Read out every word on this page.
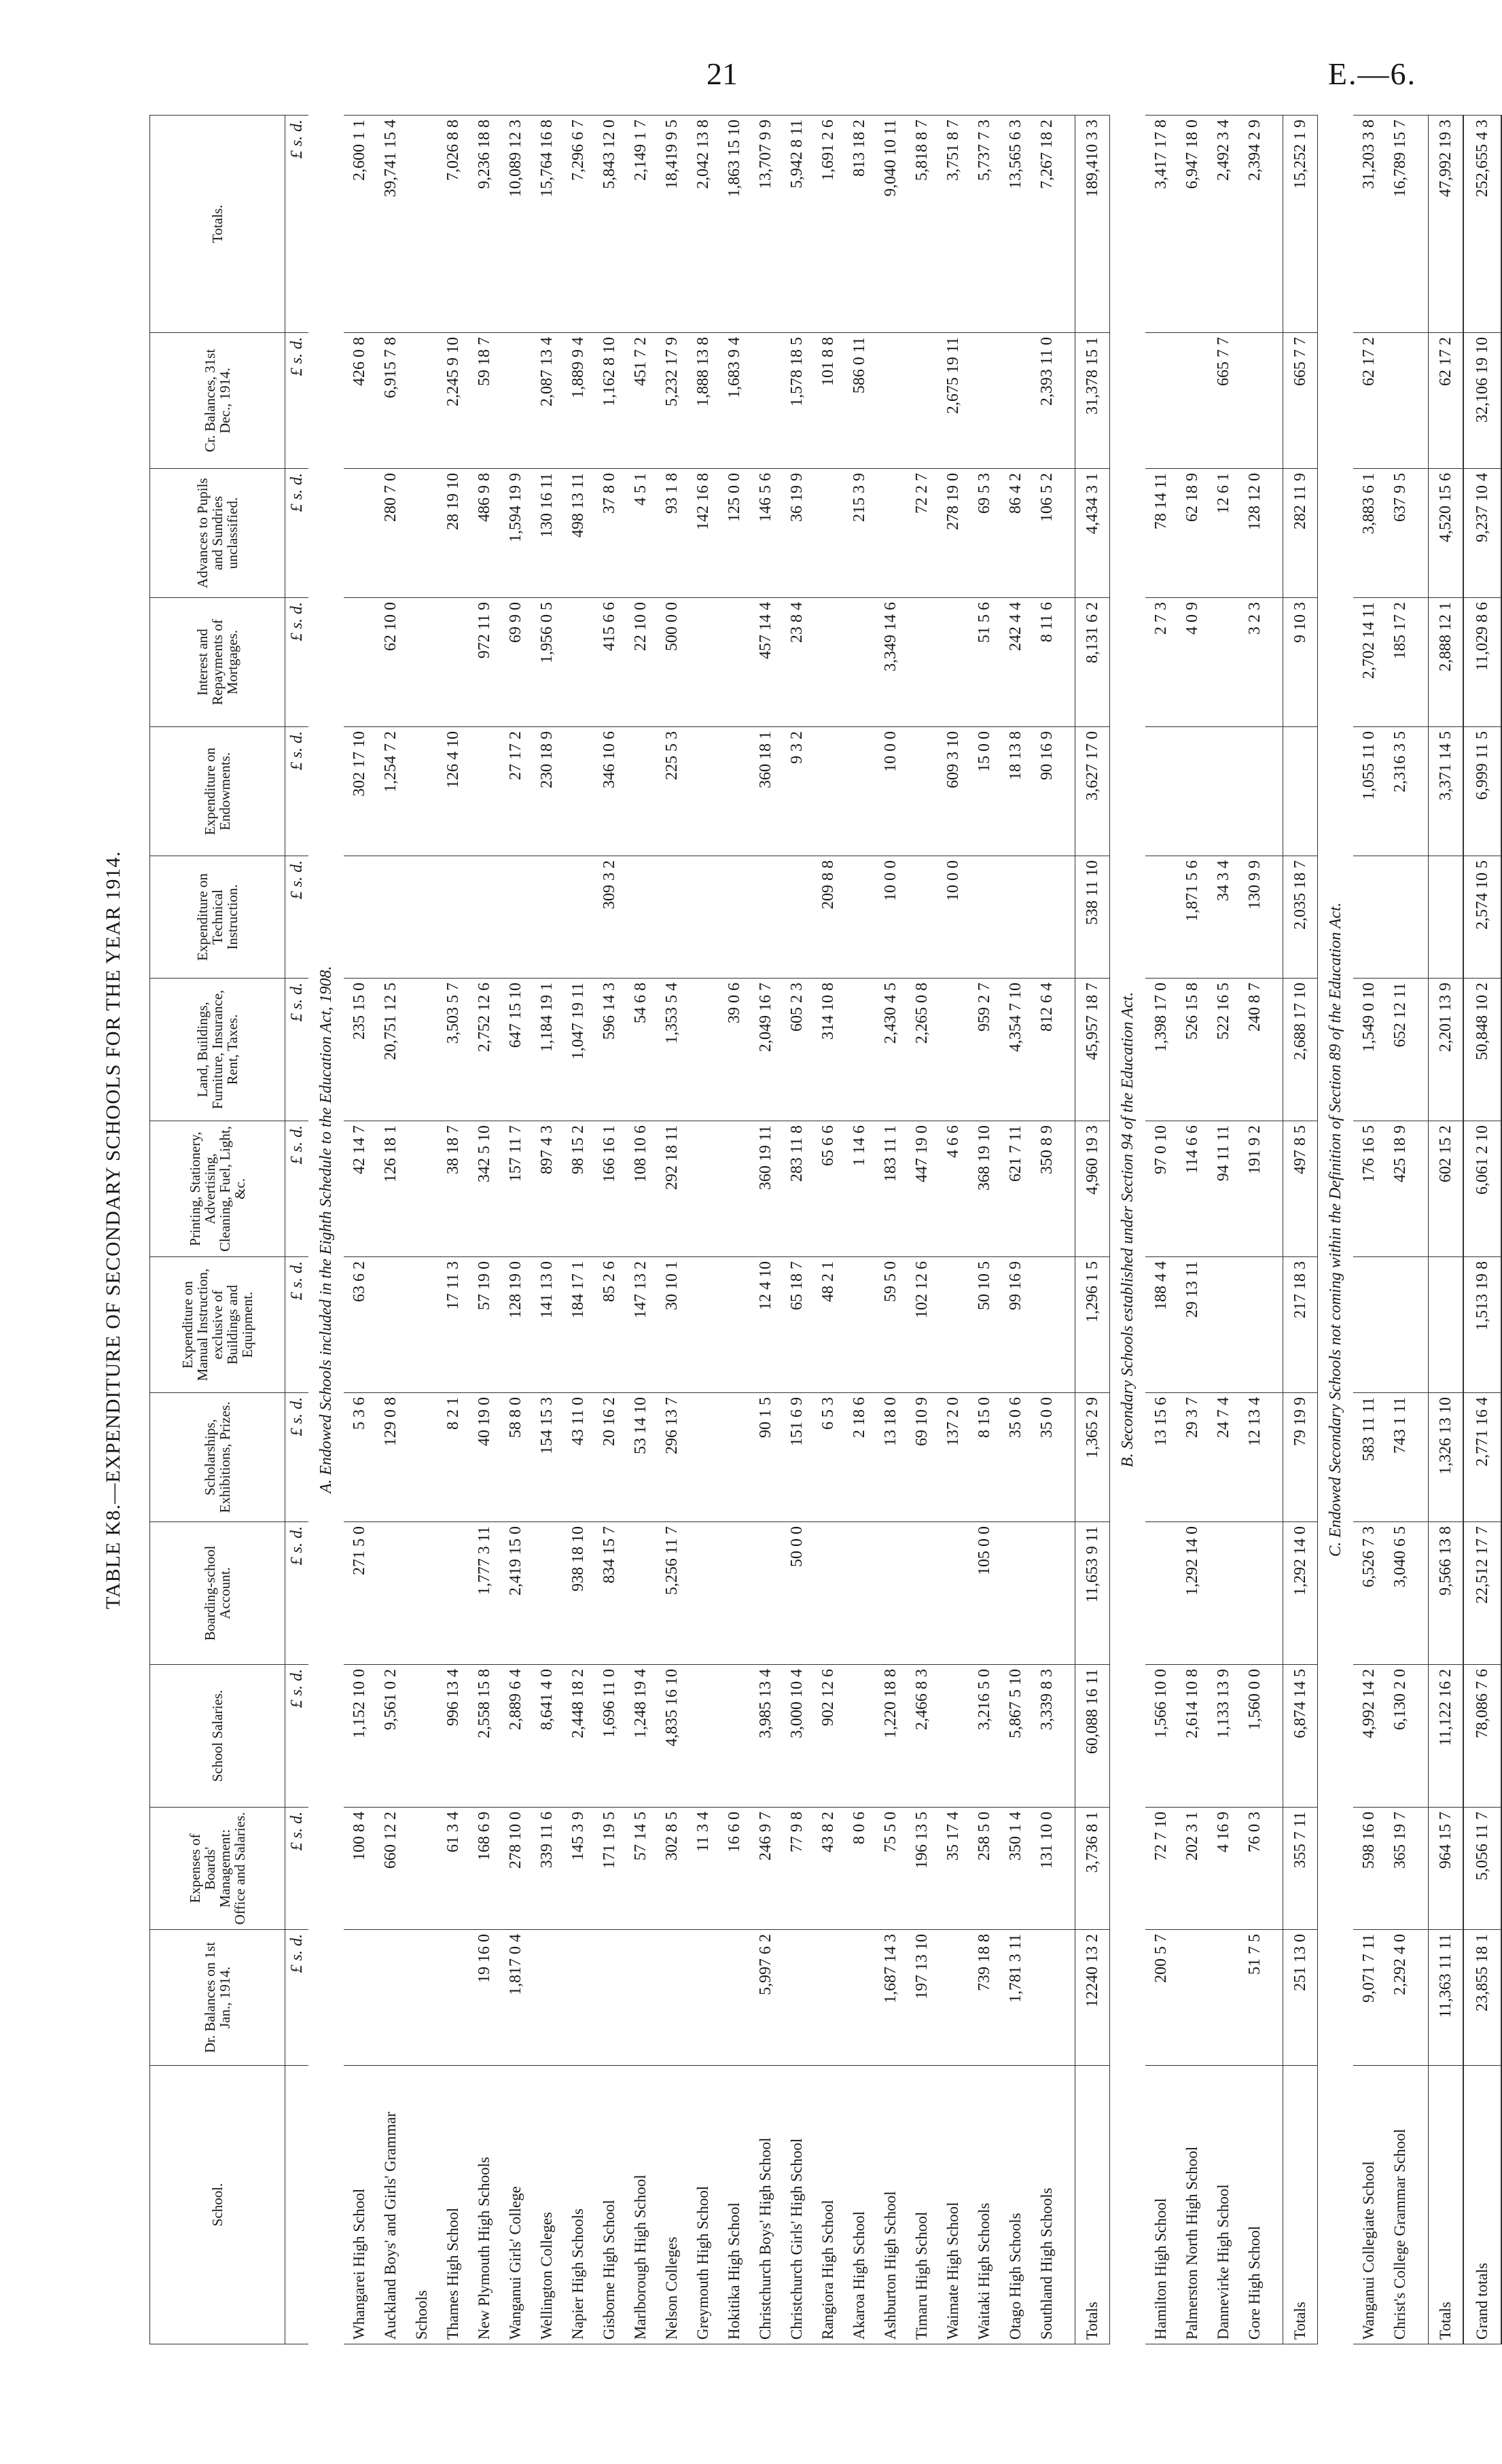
21	E.—6.
TABLE K8.—EXPENDITURE OF SECONDARY SCHOOLS FOR THE YEAR 1914.
School.	Dr. Balances on 1st Jan., 1914.	Expenses of Boards' Management: Office and Salaries.	School Salaries.	Boarding-school Account.	Scholarships, Exhibitions, Prizes.	Expenditure on Manual Instruction, exclusive of Buildings and Equipment.	Printing, Stationery, Advertising, Cleaning, Fuel, Light, &c.	Land, Buildings, Furniture, Insurance, Rent, Taxes.	Expenditure on Technical Instruction.	Expenditure on Endowments.	Interest and Repayments of Mortgages.	Advances to Pupils and Sundries unclassified.	Cr. Balances, 31st Dec., 1914.	Totals.
	£ s. d.	£ s. d.	£ s. d.	£ s. d.	£ s. d.	£ s. d.	£ s. d.	£ s. d.	£ s. d.	£ s. d.	£ s. d.	£ s. d.	£ s. d.	£ s. d.
A. Endowed Schools included in the Eighth Schedule to the Education Act, 1908.														
Whangarei High School		100 8 4	1,152 10 0	271 5 0	5 3 6	63 6 2	42 14 7	235 15 0		302 17 10			426 0 8	2,600 1 1
Auckland Boys' and Girls' Grammar		660 12 2	9,561 0 2		129 0 8		126 18 1	20,751 12 5		1,254 7 2	62 10 0	280 7 0	6,915 7 8	39,741 15 4
Schools														
Thames High School		61 3 4	996 13 4		8 2 1	17 11 3	38 18 7	3,503 5 7		126 4 10		28 19 10	2,245 9 10	7,026 8 8
New Plymouth High Schools	19 16 0	168 6 9	2,558 15 8	1,777 3 11	40 19 0	57 19 0	342 5 10	2,752 12 6			972 11 9	486 9 8	59 18 7	9,236 18 8
Wanganui Girls' College	1,817 0 4	278 10 0	2,889 6 4	2,419 15 0	58 8 0	128 19 0	157 11 7	647 15 10		27 17 2	69 9 0	1,594 19 9		10,089 12 3
Wellington Colleges		339 11 6	8,641 4 0		154 15 3	141 13 0	897 4 3	1,184 19 1		230 18 9	1,956 0 5	130 16 11	2,087 13 4	15,764 16 8
Napier High Schools		145 3 9	2,448 18 2	938 18 10	43 11 0	184 17 1	98 15 2	1,047 19 11				498 13 11	1,889 9 4	7,296 6 7
Gisborne High School		171 19 5	1,696 11 0	834 15 7	20 16 2	85 2 6	166 16 1	596 14 3	309 3 2	346 10 6	415 6 6	37 8 0	1,162 8 10	5,843 12 0
Marlborough High School		57 14 5	1,248 19 4		53 14 10	147 13 2	108 10 6	54 6 8			22 10 0	4 5 1	451 7 2	2,149 1 7
Nelson Colleges		302 8 5	4,835 16 10	5,256 11 7	296 13 7	30 10 1	292 18 11	1,353 5 4		225 5 3	500 0 0	93 1 8	5,232 17 9	18,419 9 5
Greymouth High School		11 3 4										142 16 8	1,888 13 8	2,042 13 8
Hokitika High School		16 6 0						39 0 6				125 0 0	1,683 9 4	1,863 15 10
Christchurch Boys' High School	5,997 6 2	246 9 7	3,985 13 4		90 1 5	12 4 10	360 19 11	2,049 16 7		360 18 1	457 14 4	146 5 6		13,707 9 9
Christchurch Girls' High School		77 9 8	3,000 10 4	50 0 0	151 6 9	65 18 7	283 11 8	605 2 3		9 3 2	23 8 4	36 19 9	1,578 18 5	5,942 8 11
Rangiora High School		43 8 2	902 12 6		6 5 3	48 2 1	65 6 6	314 10 8	209 8 8				101 8 8	1,691 2 6
Akaroa High School		8 0 6			2 18 6		1 14 6					215 3 9	586 0 11	813 18 2
Ashburton High School	1,687 14 3	75 5 0	1,220 18 8		13 18 0	59 5 0	183 11 1	2,430 4 5	10 0 0	10 0 0	3,349 14 6			9,040 10 11
Timaru High School	197 13 10	196 13 5	2,466 8 3		69 10 9	102 12 6	447 19 0	2,265 0 8				72 2 7		5,818 8 7
Waimate High School		35 17 4			137 2 0		4 6 6		10 0 0	609 3 10		278 19 0	2,675 19 11	3,751 8 7
Waitaki High Schools	739 18 8	258 5 0	3,216 5 0	105 0 0	8 15 0	50 10 5	368 19 10	959 2 7		15 0 0	51 5 6	69 5 3		5,737 7 3
Otago High Schools	1,781 3 11	350 1 4	5,867 5 10		35 0 6	99 16 9	621 7 11	4,354 7 10		18 13 8	242 4 4	86 4 2		13,565 6 3
Southland High Schools		131 10 0	3,339 8 3		35 0 0		350 8 9	812 6 4		90 16 9	8 11 6	106 5 2	2,393 11 0	7,267 18 2

Totals	12240 13 2	3,736 8 1	60,088 16 11	11,653 9 11	1,365 2 9	1,296 1 5	4,960 19 3	45,957 18 7	538 11 10	3,627 17 0	8,131 6 2	4,434 3 1	31,378 15 1	189,410 3 3
B. Secondary Schools established under Section 94 of the Education Act.														
Hamilton High School	200 5 7	72 7 10	1,566 10 0		13 15 6	188 4 4	97 0 10	1,398 17 0			2 7 3	78 14 11		3,417 17 8
Palmerston North High School		202 3 1	2,614 10 8	1,292 14 0	29 3 7	29 13 11	114 6 6	526 15 8	1,871 5 6		4 0 9	62 18 9		6,947 18 0
Dannevirke High School		4 16 9	1,133 13 9		24 7 4		94 11 11	522 16 5	34 3 4			12 6 1	665 7 7	2,492 3 4
Gore High School	51 7 5	76 0 3	1,560 0 0		12 13 4		191 9 2	240 8 7	130 9 9		3 2 3	128 12 0		2,394 2 9

Totals	251 13 0	355 7 11	6,874 14 5	1,292 14 0	79 19 9	217 18 3	497 8 5	2,688 17 10	2,035 18 7		9 10 3	282 11 9	665 7 7	15,252 1 9
C. Endowed Secondary Schools not coming within the Definition of Section 89 of the Education Act.														
Wanganui Collegiate School	9,071 7 11	598 16 0	4,992 14 2	6,526 7 3	583 11 11		176 16 5	1,549 0 10		1,055 11 0	2,702 14 11	3,883 6 1	62 17 2	31,203 3 8
Christ's College Grammar School	2,292 4 0	365 19 7	6,130 2 0	3,040 6 5	743 1 11		425 18 9	652 12 11		2,316 3 5	185 17 2	637 9 5		16,789 15 7

Totals	11,363 11 11	964 15 7	11,122 16 2	9,566 13 8	1,326 13 10		602 15 2	2,201 13 9		3,371 14 5	2,888 12 1	4,520 15 6	62 17 2	47,992 19 3
Grand totals	23,855 18 1	5,056 11 7	78,086 7 6	22,512 17 7	2,771 16 4	1,513 19 8	6,061 2 10	50,848 10 2	2,574 10 5	6,999 11 5	11,029 8 6	9,237 10 4	32,106 19 10	252,655 4 3
